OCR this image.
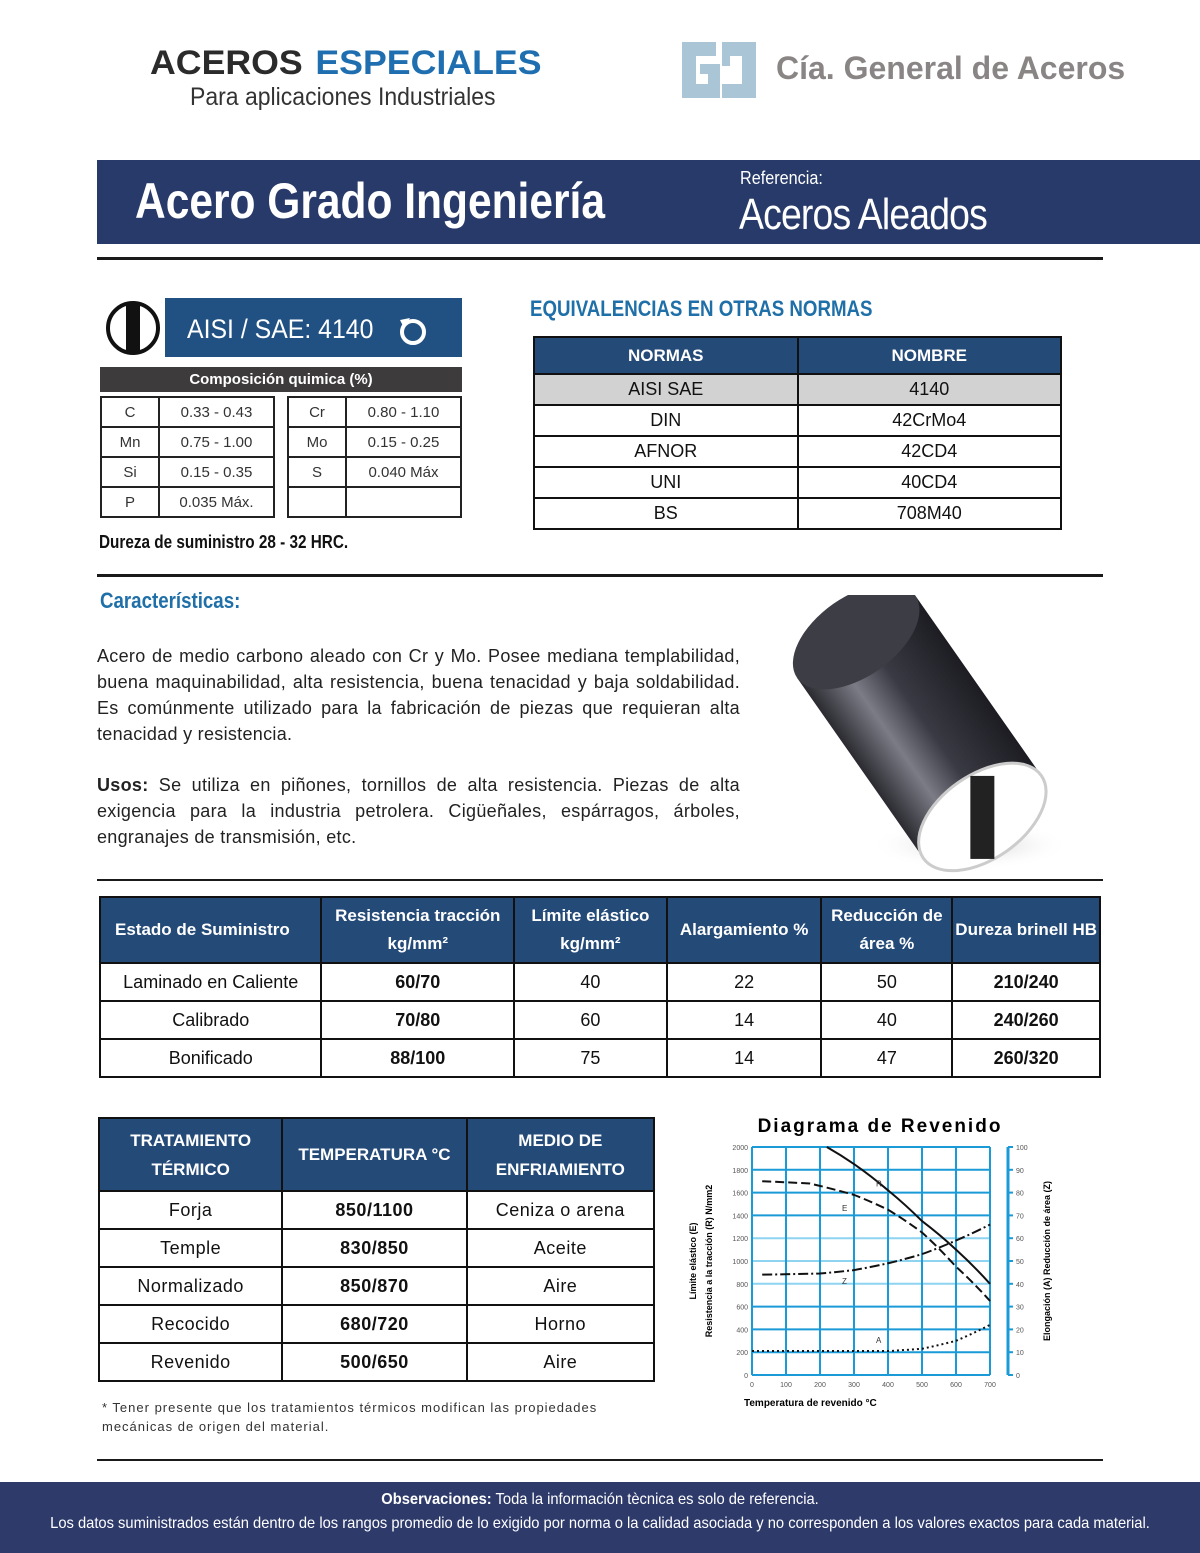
ACEROS ESPECIALES
Para aplicaciones Industriales
Cía. General de Aceros
Acero Grado Ingeniería	Referencia:
Aceros Aleados
AISI / SAE: 4140
Composición quimica (%)
C	0.33 - 0.43
Mn	0.75 - 1.00
Si	0.15 - 0.35
P	0.035 Máx.
Cr	0.80 - 1.10
Mo	0.15 - 0.25
S	0.040 Máx

Dureza de suministro 28 - 32 HRC.
EQUIVALENCIAS EN OTRAS NORMAS
NORMAS	NOMBRE
AISI SAE	4140
DIN	42CrMo4
AFNOR	42CD4
UNI	40CD4
BS	708M40
Características:
Acero de medio carbono aleado con Cr y Mo. Posee mediana templabilidad, buena maquinabilidad, alta resistencia, buena tenacidad y baja soldabilidad. Es comúnmente utilizado para la fabricación de piezas que requieran alta tenacidad y resistencia.
Usos: Se utiliza en piñones, tornillos de alta resistencia. Piezas de alta exigencia para la industria petrolera. Cigüeñales, espárragos, árboles, engranajes de transmisión, etc.
Estado de Suministro	Resistencia tracción kg/mm²	Límite elástico kg/mm²	Alargamiento %	Reducción de área %	Dureza brinell HB
Laminado en Caliente	60/70	40	22	50	210/240
Calibrado	70/80	60	14	40	240/260
Bonificado	88/100	75	14	47	260/320
TRATAMIENTO TÉRMICO	TEMPERATURA °C	MEDIO DE ENFRIAMIENTO
Forja	850/1100	Ceniza o arena
Temple	830/850	Aceite
Normalizado	850/870	Aire
Recocido	680/720	Horno
Revenido	500/650	Aire
* Tener presente que los tratamientos térmicos modifican las propiedades mecánicas de origen del material.
Diagrama de Revenido
0
200
400
600
800
1000
1200
1400
1600
1800
2000
0	100	200	300	400	500	600	700
0
10
20
30
40
50
60
70
80
90
100
R
E
Z
A
Límite elástico (E) Resistencia a la tracción (R) N/mm2	Elongación (A) Reducción de área (Z)
Temperatura de revenido °C
Observaciones: Toda la información tècnica es solo de referencia.
Los datos suministrados están dentro de los rangos promedio de lo exigido por norma o la calidad asociada y no corresponden a los valores exactos para cada material.
